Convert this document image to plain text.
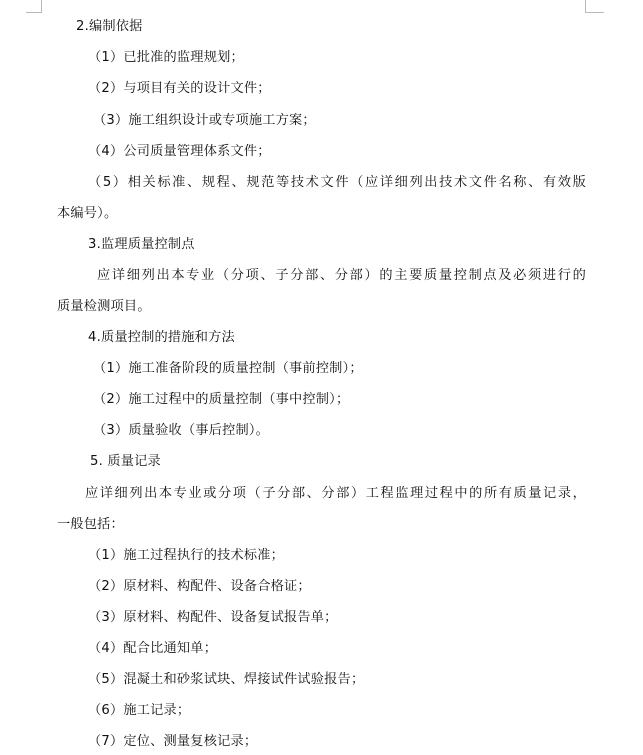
2.编制依据
（1）已批准的监理规划；
（2）与项目有关的设计文件；
（3）施工组织设计或专项施工方案；
（4）公司质量管理体系文件；
（5）相关标准、规程、规范等技术文件（应详细列出技术文件名称、有效版
本编号）。
3.监理质量控制点
应详细列出本专业（分项、子分部、分部）的主要质量控制点及必须进行的
质量检测项目。
4.质量控制的措施和方法
（1）施工准备阶段的质量控制（事前控制）；
（2）施工过程中的质量控制（事中控制）；
（3）质量验收（事后控制）。
5. 质量记录
应详细列出本专业或分项（子分部、分部）工程监理过程中的所有质量记录，
一般包括：
（1）施工过程执行的技术标准；
（2）原材料、构配件、设备合格证；
（3）原材料、构配件、设备复试报告单；
（4）配合比通知单；
（5）混凝土和砂浆试块、焊接试件试验报告；
（6）施工记录；
（7）定位、测量复核记录；
